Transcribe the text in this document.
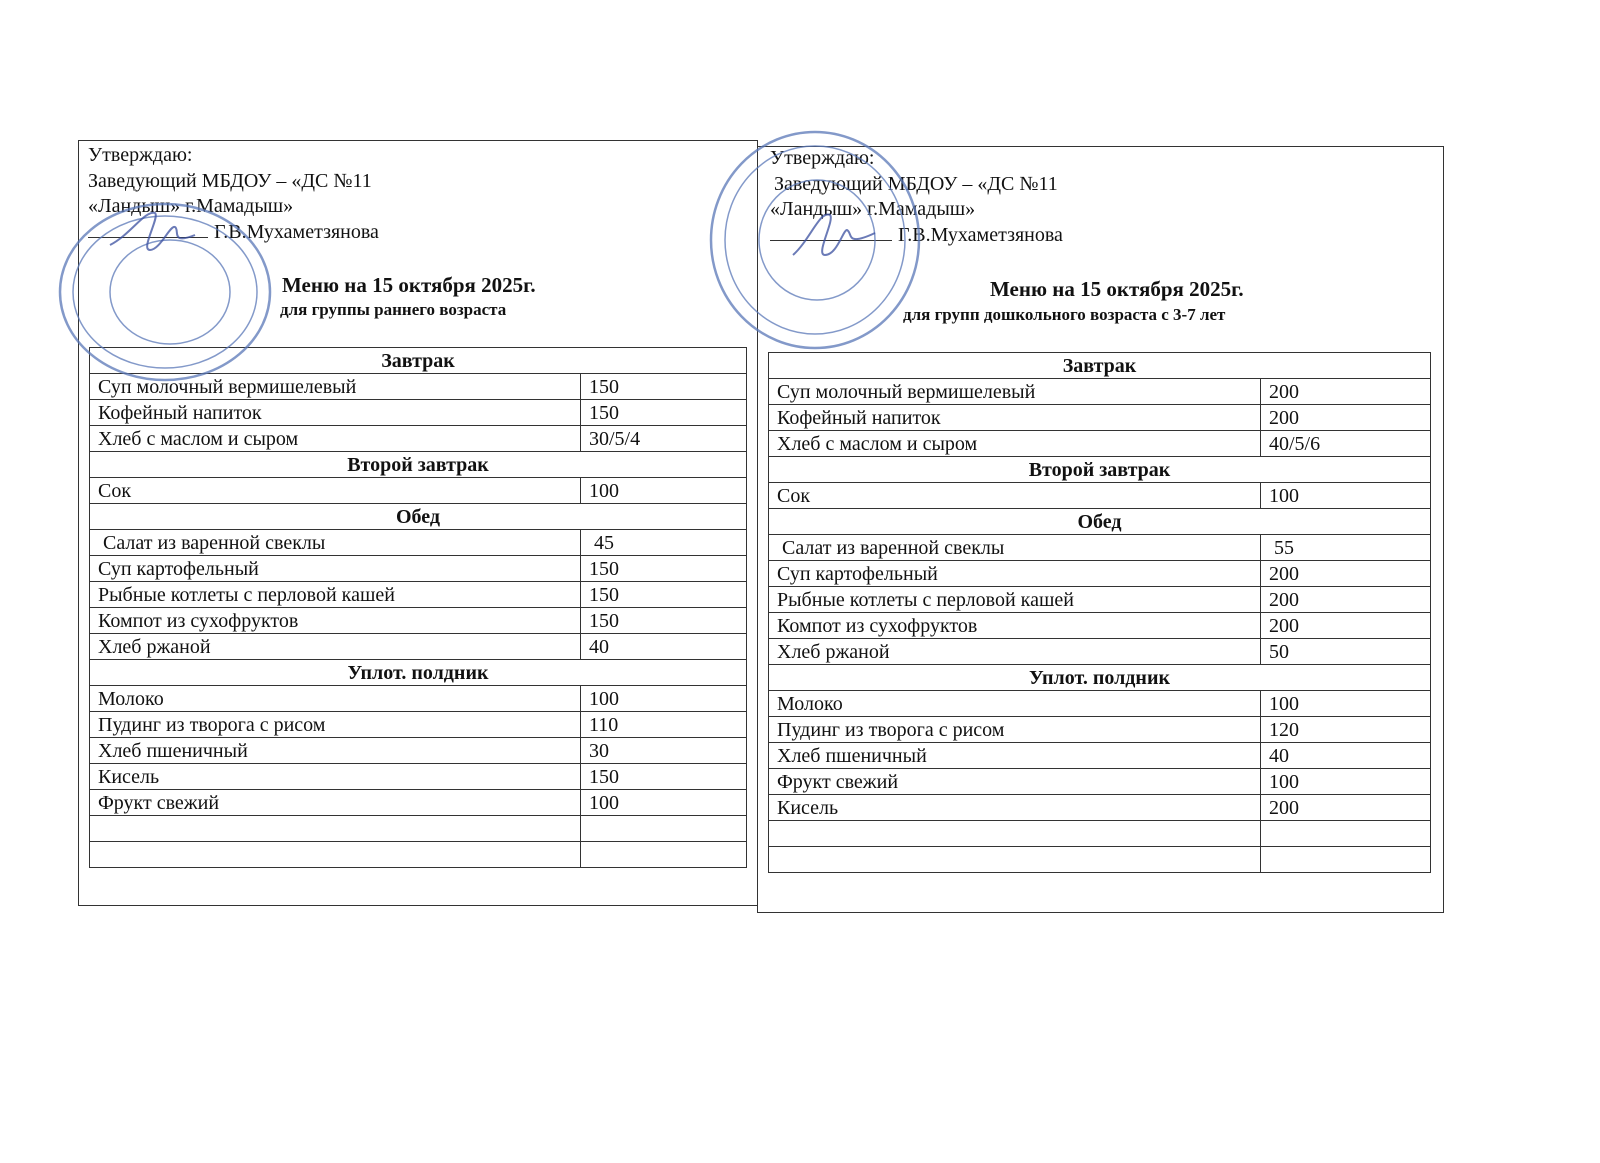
Утверждаю:
Заведующий МБДОУ – «ДС №11
«Ландыш» г.Мамадыш»
Г.В.Мухаметзянова
Меню на 15 октября 2025г.
для группы раннего возраста
Утверждаю:
Заведующий МБДОУ – «ДС №11
«Ландыш» г.Мамадыш»
Г.В.Мухаметзянова
Меню на 15 октября 2025г.
для групп дошкольного возраста с 3-7 лет
Завтрак	
Суп молочный вермишелевый	150
Кофейный напиток	150
Хлеб с маслом и сыром	30/5/4
Второй завтрак	
Сок	100
Обед	
Салат из варенной свеклы	45
Суп картофельный	150
Рыбные котлеты с перловой кашей	150
Компот из сухофруктов	150
Хлеб ржаной	40
Уплот. полдник	
Молоко	100
Пудинг из творога с рисом	110
Хлеб пшеничный	30
Кисель	150
Фрукт свежий	100

Завтрак	
Суп молочный вермишелевый	200
Кофейный напиток	200
Хлеб с маслом и сыром	40/5/6
Второй завтрак	
Сок	100
Обед	
Салат из варенной свеклы	55
Суп картофельный	200
Рыбные котлеты с перловой кашей	200
Компот из сухофруктов	200
Хлеб ржаной	50
Уплот. полдник	
Молоко	100
Пудинг из творога с рисом	120
Хлеб пшеничный	40
Фрукт свежий	100
Кисель	200
